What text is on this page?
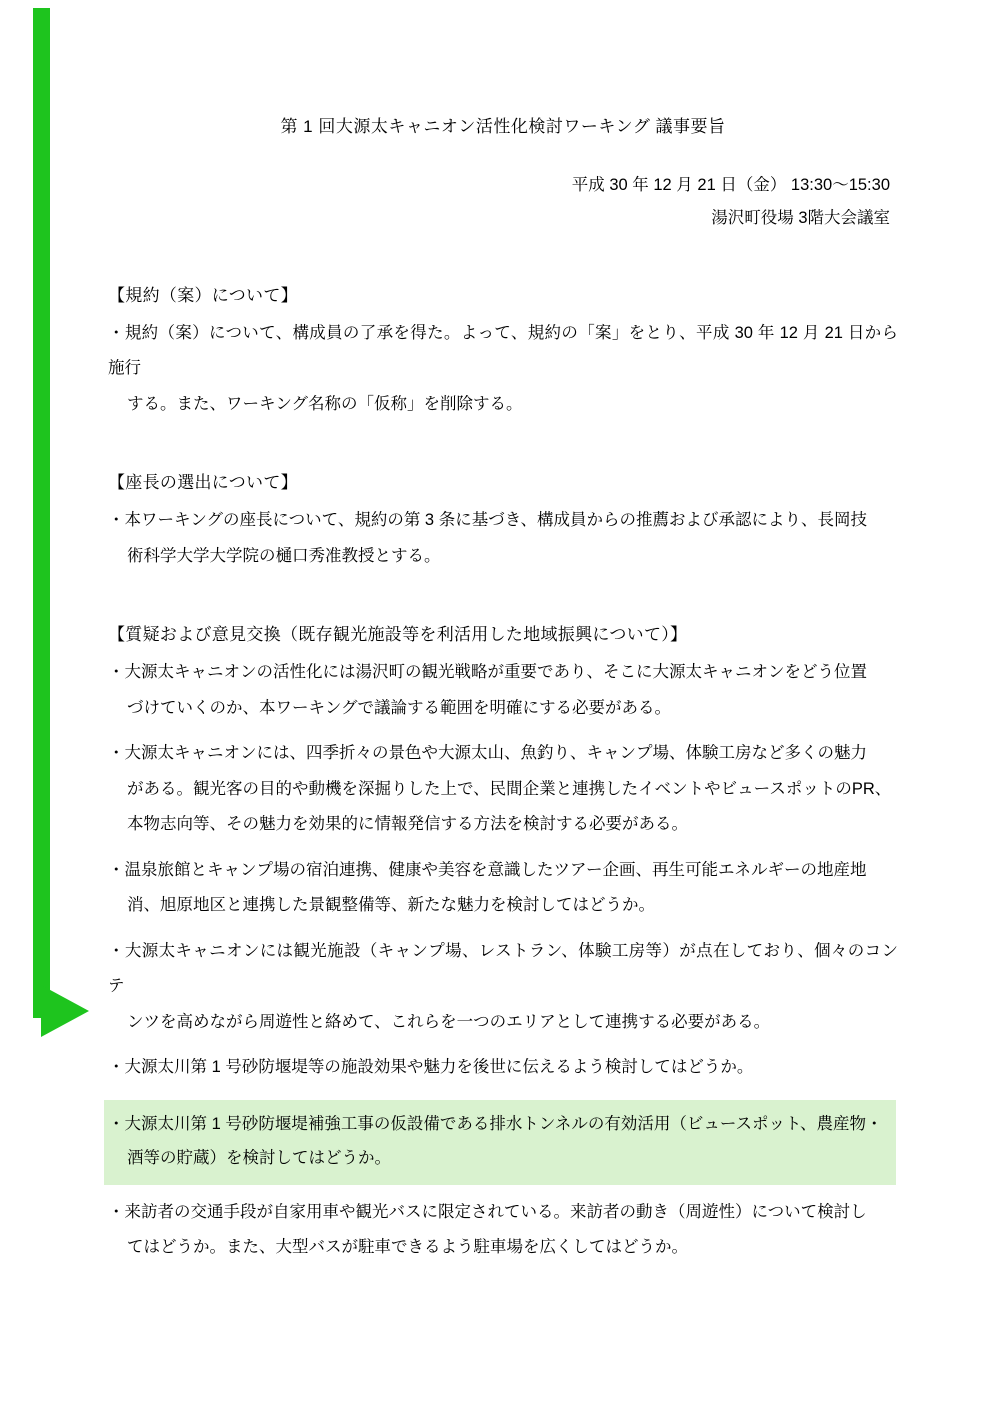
第 1 回大源太キャニオン活性化検討ワーキング 議事要旨
平成 30 年 12 月 21 日（金） 13:30〜15:30
湯沢町役場 3階大会議室
【規約（案）について】

・規約（案）について、構成員の了承を得た。よって、規約の「案」をとり、平成 30 年 12 月 21 日から施行

する。また、ワーキング名称の「仮称」を削除する。

【座長の選出について】

・本ワーキングの座長について、規約の第 3 条に基づき、構成員からの推薦および承認により、長岡技

術科学大学大学院の樋口秀准教授とする。

【質疑および意見交換（既存観光施設等を利活用した地域振興について）】

・大源太キャニオンの活性化には湯沢町の観光戦略が重要であり、そこに大源太キャニオンをどう位置

づけていくのか、本ワーキングで議論する範囲を明確にする必要がある。

・大源太キャニオンには、四季折々の景色や大源太山、魚釣り、キャンプ場、体験工房など多くの魅力

がある。観光客の目的や動機を深掘りした上で、民間企業と連携したイベントやビュースポットのPR、

本物志向等、その魅力を効果的に情報発信する方法を検討する必要がある。

・温泉旅館とキャンプ場の宿泊連携、健康や美容を意識したツアー企画、再生可能エネルギーの地産地

消、旭原地区と連携した景観整備等、新たな魅力を検討してはどうか。

・大源太キャニオンには観光施設（キャンプ場、レストラン、体験工房等）が点在しており、個々のコンテ

ンツを高めながら周遊性と絡めて、これらを一つのエリアとして連携する必要がある。

・大源太川第 1 号砂防堰堤等の施設効果や魅力を後世に伝えるよう検討してはどうか。

・大源太川第 1 号砂防堰堤補強工事の仮設備である排水トンネルの有効活用（ビュースポット、農産物・

酒等の貯蔵）を検討してはどうか。

・来訪者の交通手段が自家用車や観光バスに限定されている。来訪者の動き（周遊性）について検討し

てはどうか。また、大型バスが駐車できるよう駐車場を広くしてはどうか。
